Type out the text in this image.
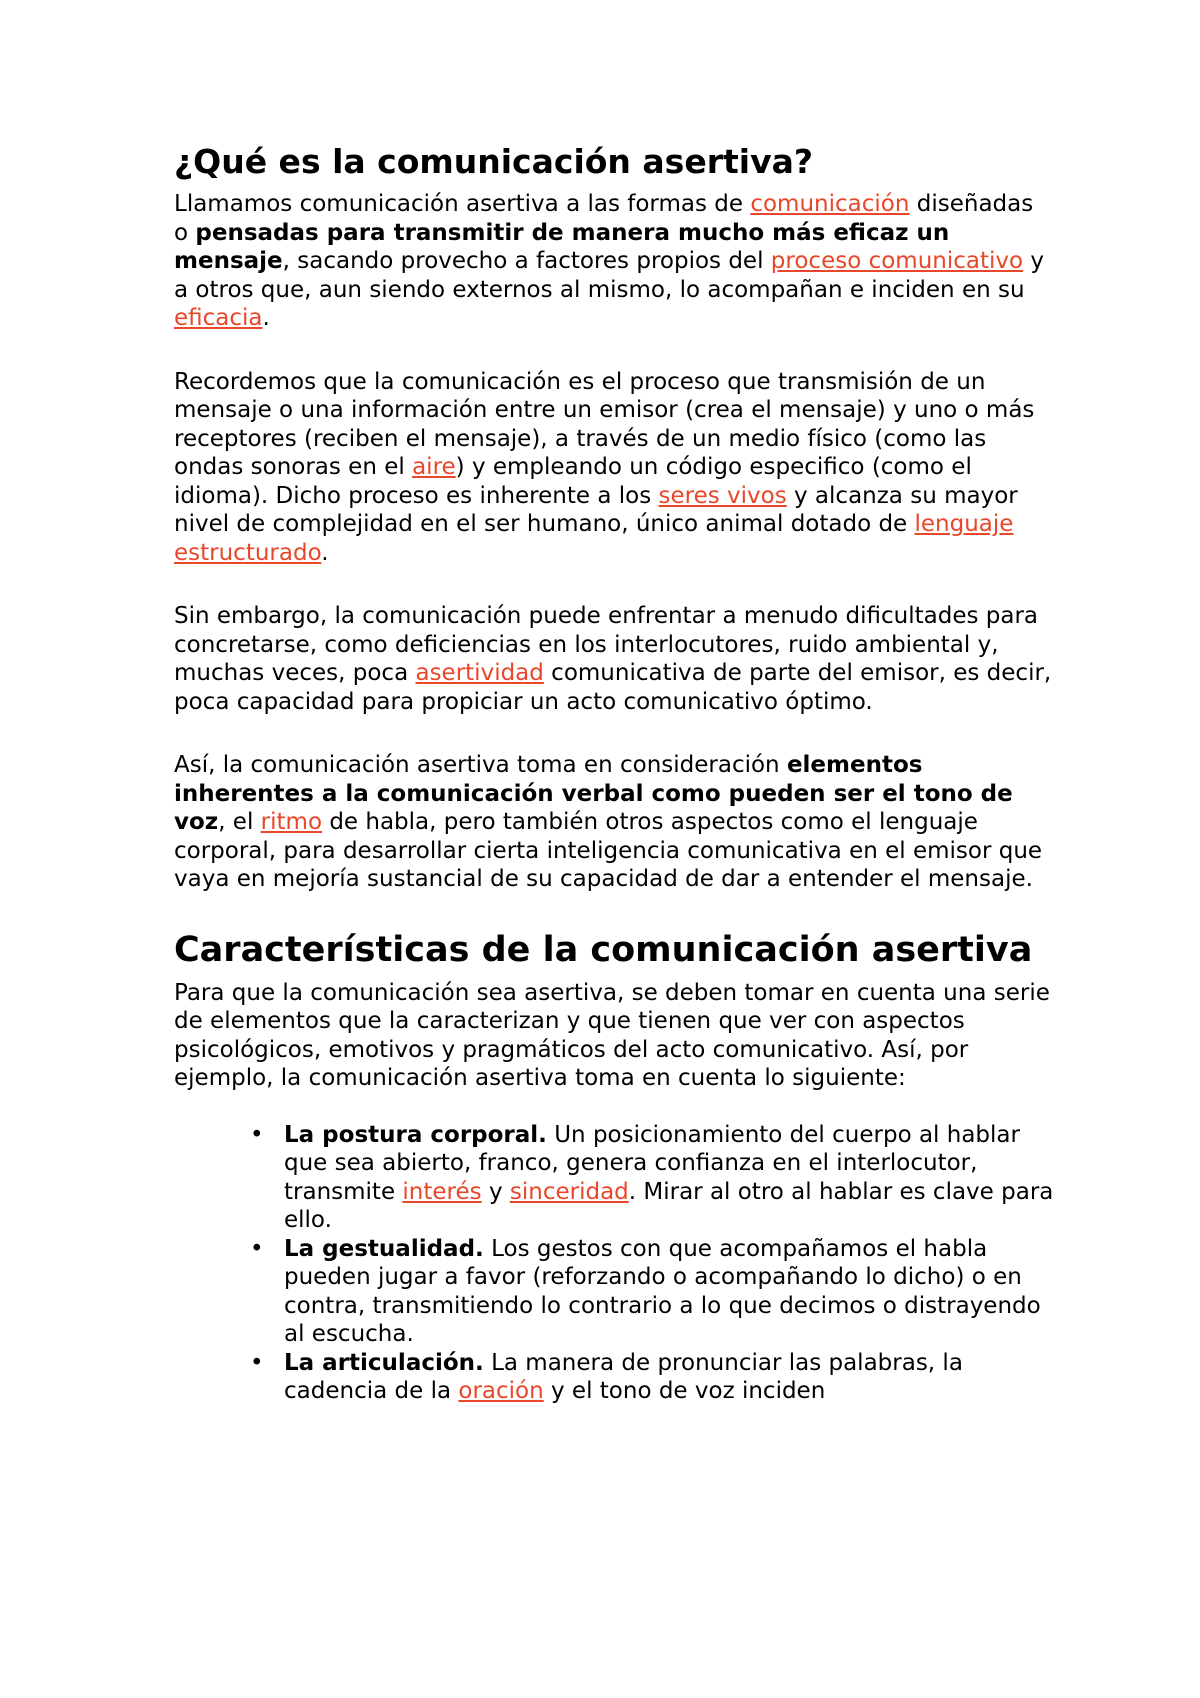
¿Qué es la comunicación asertiva?

Llamamos comunicación asertiva a las formas de comunicación diseñadas o pensadas para transmitir de manera mucho más eficaz un mensaje, sacando provecho a factores propios del proceso comunicativo y a otros que, aun siendo externos al mismo, lo acompañan e inciden en su eficacia.

Recordemos que la comunicación es el proceso que transmisión de un mensaje o una información entre un emisor (crea el mensaje) y uno o más receptores (reciben el mensaje), a través de un medio físico (como las ondas sonoras en el aire) y empleando un código especifico (como el idioma). Dicho proceso es inherente a los seres vivos y alcanza su mayor nivel de complejidad en el ser humano, único animal dotado de lenguaje estructurado.

Sin embargo, la comunicación puede enfrentar a menudo dificultades para concretarse, como deficiencias en los interlocutores, ruido ambiental y, muchas veces, poca asertividad comunicativa de parte del emisor, es decir, poca capacidad para propiciar un acto comunicativo óptimo.

Así, la comunicación asertiva toma en consideración elementos inherentes a la comunicación verbal como pueden ser el tono de voz, el ritmo de habla, pero también otros aspectos como el lenguaje corporal, para desarrollar cierta inteligencia comunicativa en el emisor que vaya en mejoría sustancial de su capacidad de dar a entender el mensaje.

Características de la comunicación asertiva

Para que la comunicación sea asertiva, se deben tomar en cuenta una serie de elementos que la caracterizan y que tienen que ver con aspectos psicológicos, emotivos y pragmáticos del acto comunicativo. Así, por ejemplo, la comunicación asertiva toma en cuenta lo siguiente:

• La postura corporal. Un posicionamiento del cuerpo al hablar que sea abierto, franco, genera confianza en el interlocutor, transmite interés y sinceridad. Mirar al otro al hablar es clave para ello.
• La gestualidad. Los gestos con que acompañamos el habla pueden jugar a favor (reforzando o acompañando lo dicho) o en contra, transmitiendo lo contrario a lo que decimos o distrayendo al escucha.
• La articulación. La manera de pronunciar las palabras, la cadencia de la oración y el tono de voz inciden
